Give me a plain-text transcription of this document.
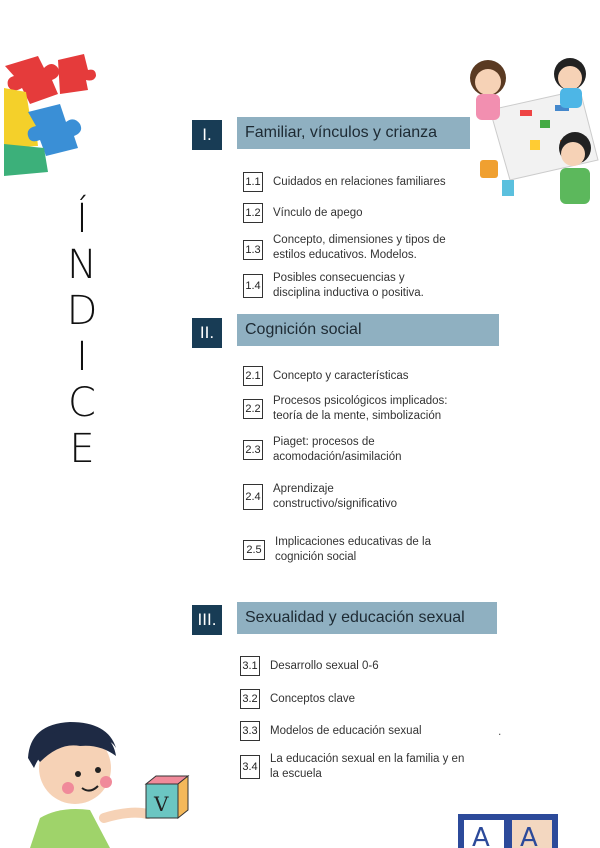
Í
N
D
I
C
E
I.	Familiar, vínculos y crianza
1.1 Cuidados en relaciones familiares
1.2 Vínculo de apego
1.3
Concepto, dimensiones y tipos de estilos educativos. Modelos.
1.4
Posibles consecuencias y disciplina inductiva o positiva.
II.	Cognición social
2.1 Concepto y características
2.2
Procesos psicológicos implicados: teoría de la mente, simbolización
2.3
Piaget: procesos de acomodación/asimilación
2.4
Aprendizaje constructivo/significativo
2.5
Implicaciones educativas de la cognición social
III.	Sexualidad y educación sexual
3.1 Desarrollo sexual 0-6
3.2 Conceptos clave
3.3 Modelos de educación sexual	.
3.4
La educación sexual en la familia y en la escuela
V
A A
